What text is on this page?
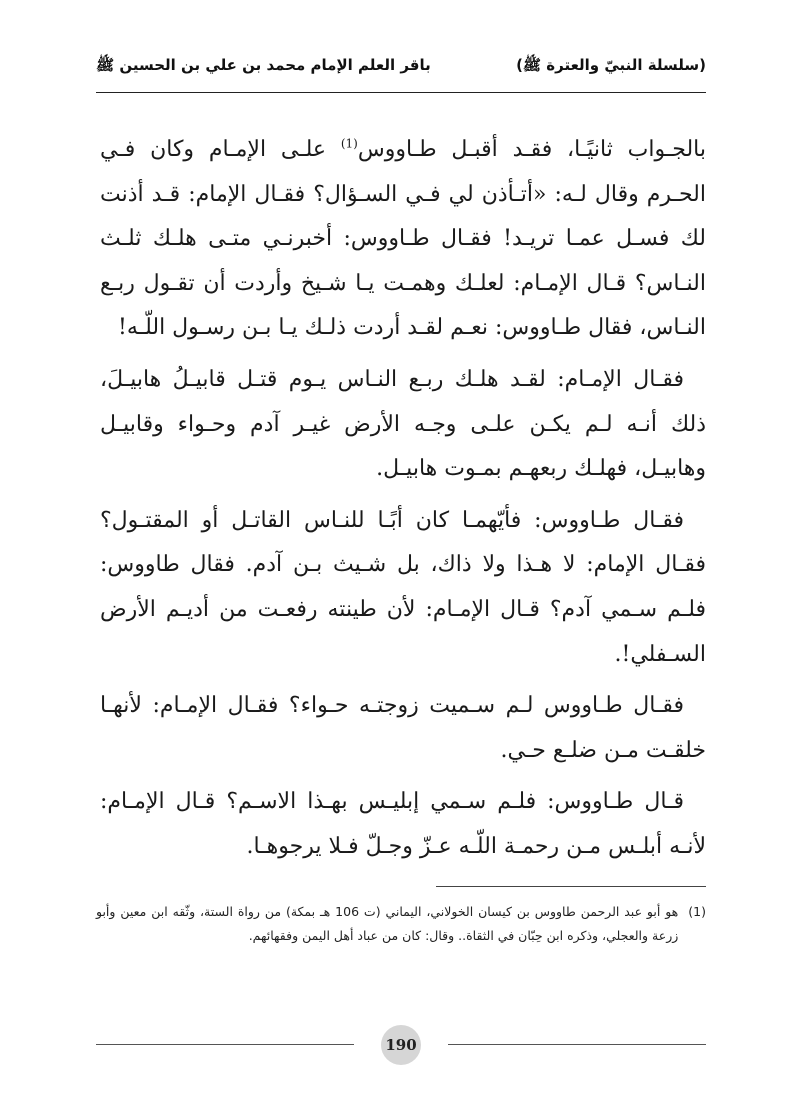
(سلسلة النبيّ والعترة ﷺ)
باقر العلم الإمام محمد بن علي بن الحسين ﷺ

بالجـواب ثانيًـا، فقـد أقبـل طـاووس$^{(1)}$ علـى الإمـام وكان فـي الحـرم وقال لـه: «أتـأذن لي فـي السـؤال؟ فقـال الإمام: قـد أذنت لك فسـل عمـا تريـد! فقـال طـاووس: أخبرنـي متـى هلـك ثلـث النـاس؟ قـال الإمـام: لعلـك وهمـت يـا شـيخ وأردت أن تقـول ربـع النـاس، فقال طـاووس: نعـم لقـد أردت ذلـك يـا بـن رسـول اللّـه!

فقـال الإمـام: لقـد هلـك ربـع النـاس يـوم قتـل قابيـلُ هابيـلَ، ذلك أنـه لـم يكـن علـى وجـه الأرض غيـر آدم وحـواء وقابيـل وهابيـل، فهلـك ربعهـم بمـوت هابيـل.

فقـال طـاووس: فأيّهمـا كان أبًـا للنـاس القاتـل أو المقتـول؟ فقـال الإمام: لا هـذا ولا ذاك، بل شـيث بـن آدم. فقال طاووس: فلـم سـمي آدم؟ قـال الإمـام: لأن طينته رفعـت من أديـم الأرض السـفلي!.

فقـال طـاووس لـم سـميت زوجتـه حـواء؟ فقـال الإمـام: لأنهـا خلقـت مـن ضلـع حـي.

قـال طـاووس: فلـم سـمي إبليـس بهـذا الاسـم؟ قـال الإمـام: لأنـه أبلـس مـن رحمـة اللّـه عـزّ وجـلّ فـلا يرجوهـا.

(1)
هو أبو عبد الرحمن طاووس بن كيسان الخولاني، اليماني (ت 106 هـ بمكة) من رواة الستة، وثّقه ابن معين وأبو زرعة والعجلي، وذكره ابن حِبّان في الثقاة.. وقال: كان من عباد أهل اليمن وفقهائهم.
190
